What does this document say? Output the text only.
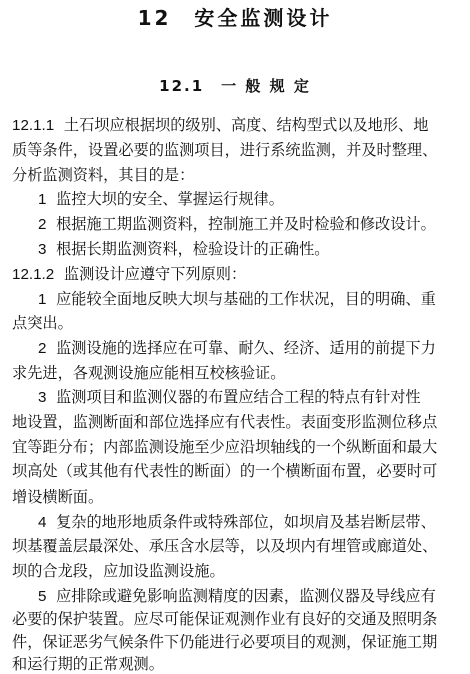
12　安全监测设计
12.1　一 般 规 定
12.1.1 土石坝应根据坝的级别、高度、结构型式以及地形、地
质等条件，设置必要的监测项目，进行系统监测，并及时整理、
分析监测资料，其目的是：
1 监控大坝的安全、掌握运行规律。
2 根据施工期监测资料，控制施工并及时检验和修改设计。
3 根据长期监测资料，检验设计的正确性。
12.1.2 监测设计应遵守下列原则：
1 应能较全面地反映大坝与基础的工作状况，目的明确、重
点突出。
2 监测设施的选择应在可靠、耐久、经济、适用的前提下力
求先进，各观测设施应能相互校核验证。
3 监测项目和监测仪器的布置应结合工程的特点有针对性
地设置，监测断面和部位选择应有代表性。表面变形监测位移点
宜等距分布；内部监测设施至少应沿坝轴线的一个纵断面和最大
坝高处（或其他有代表性的断面）的一个横断面布置，必要时可
增设横断面。
4 复杂的地形地质条件或特殊部位，如坝肩及基岩断层带、
坝基覆盖层最深处、承压含水层等，以及坝内有埋管或廊道处、
坝的合龙段，应加设监测设施。
5 应排除或避免影响监测精度的因素，监测仪器及导线应有
必要的保护装置。应尽可能保证观测作业有良好的交通及照明条
件，保证恶劣气候条件下仍能进行必要项目的观测，保证施工期
和运行期的正常观测。
